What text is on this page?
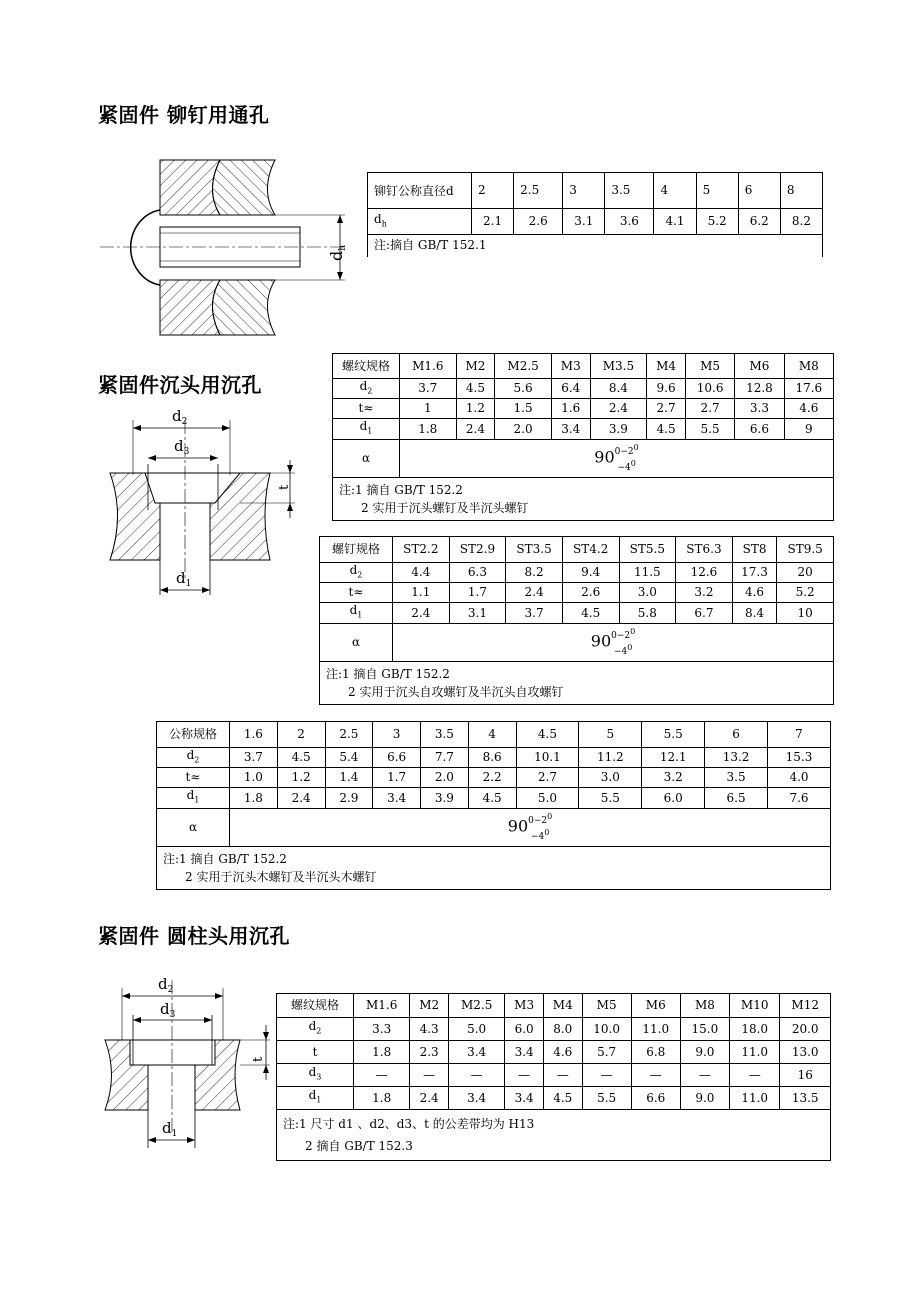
紧固件 铆钉用通孔
dh
铆钉公称直径d	2	2.5	3	3.5	4	5	6	8
$d_h$	2.1	2.6	3.1	3.6	4.1	5.2	6.2	8.2
注:摘自 GB/T 152.1								
紧固件沉头用沉孔
$d_2$
$d_3$
t
$d_1$
螺纹规格	M1.6	M2	M2.5	M3	M3.5	M4	M5	M6	M8
$d_2$	3.7	4.5	5.6	6.4	8.4	9.6	10.6	12.8	17.6
t≈	1	1.2	1.5	1.6	2.4	2.7	2.7	3.3	4.6
$d_1$	1.8	2.4	2.0	3.4	3.9	4.5	5.5	6.6	9
α	$900-2^0$
$-4^0$

注:1 摘自 GB/T 152.2
2 实用于沉头螺钉及半沉头螺钉									
螺钉规格	ST2.2	ST2.9	ST3.5	ST4.2	ST5.5	ST6.3	ST8	ST9.5
$d_2$	4.4	6.3	8.2	9.4	11.5	12.6	17.3	20
t≈	1.1	1.7	2.4	2.6	3.0	3.2	4.6	5.2
$d_1$	2.4	3.1	3.7	4.5	5.8	6.7	8.4	10
α	$900-2^0$
$-4^0$

注:1 摘自 GB/T 152.2
2 实用于沉头自攻螺钉及半沉头自攻螺钉								
公称规格	1.6	2	2.5	3	3.5	4	4.5	5	5.5	6	7
$d_2$	3.7	4.5	5.4	6.6	7.7	8.6	10.1	11.2	12.1	13.2	15.3
t≈	1.0	1.2	1.4	1.7	2.0	2.2	2.7	3.0	3.2	3.5	4.0
$d_1$	1.8	2.4	2.9	3.4	3.9	4.5	5.0	5.5	6.0	6.5	7.6
α	$900-2^0$
$-4^0$

注:1 摘自 GB/T 152.2
2 实用于沉头木螺钉及半沉头木螺钉											
紧固件 圆柱头用沉孔
$d_2$
$d_3$
t
$d_1$
螺纹规格	M1.6	M2	M2.5	M3	M4	M5	M6	M8	M10	M12
$d_2$	3.3	4.3	5.0	6.0	8.0	10.0	11.0	15.0	18.0	20.0
t	1.8	2.3	3.4	3.4	4.6	5.7	6.8	9.0	11.0	13.0
$d_3$	—	—	—	—	—	—	—	—	—	16
$d_1$	1.8	2.4	3.4	3.4	4.5	5.5	6.6	9.0	11.0	13.5

注:1 尺寸 d1 、d2、d3、t 的公差带均为 H13
2 摘自 GB/T 152.3										
